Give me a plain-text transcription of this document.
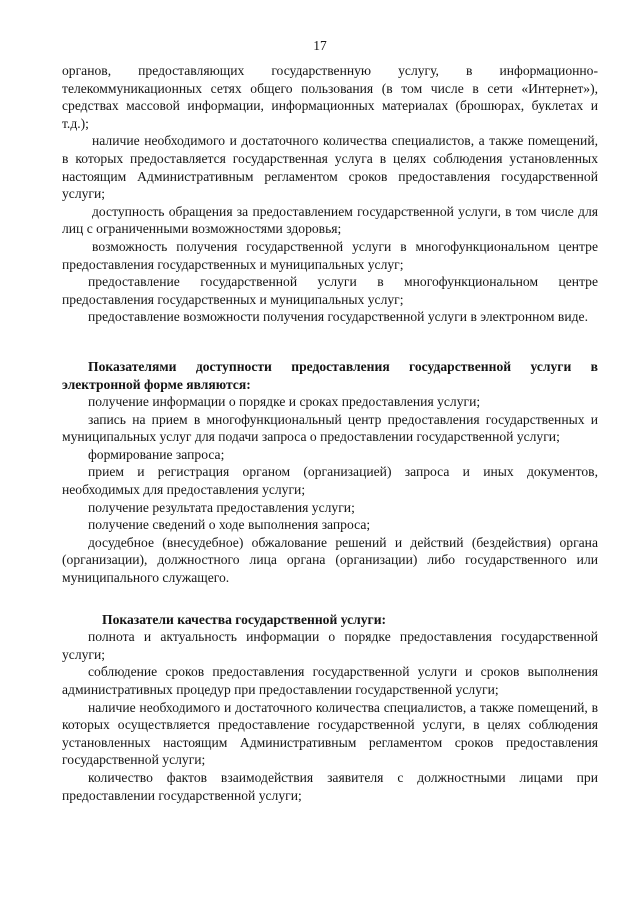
17

органов, предоставляющих государственную услугу, в информационно-телекоммуникационных сетях общего пользования (в том числе в сети «Интернет»), средствах массовой информации, информационных материалах (брошюрах, буклетах и т.д.);

наличие необходимого и достаточного количества специалистов, а также помещений, в которых предоставляется государственная услуга в целях соблюдения установленных настоящим Административным регламентом сроков предоставления государственной услуги;

доступность обращения за предоставлением государственной услуги, в том числе для лиц с ограниченными возможностями здоровья;

возможность получения государственной услуги в многофункциональном центре предоставления государственных и муниципальных услуг;

предоставление государственной услуги в многофункциональном центре предоставления государственных и муниципальных услуг;

предоставление возможности получения государственной услуги в электронном виде.

Показателями доступности предоставления государственной услуги в электронной форме являются:

получение информации о порядке и сроках предоставления услуги;

запись на прием в многофункциональный центр предоставления государственных и муниципальных услуг для подачи запроса о предоставлении государственной услуги;

формирование запроса;

прием и регистрация органом (организацией) запроса и иных документов, необходимых для предоставления услуги;

получение результата предоставления услуги;

получение сведений о ходе выполнения запроса;

досудебное (внесудебное) обжалование решений и действий (бездействия) органа (организации), должностного лица органа (организации) либо государственного или муниципального служащего.

Показатели качества государственной услуги:

полнота и актуальность информации о порядке предоставления государственной услуги;

соблюдение сроков предоставления государственной услуги и сроков выполнения административных процедур при предоставлении государственной услуги;

наличие необходимого и достаточного количества специалистов, а также помещений, в которых осуществляется предоставление государственной услуги, в целях соблюдения установленных настоящим Административным регламентом сроков предоставления государственной услуги;

количество фактов взаимодействия заявителя с должностными лицами при предоставлении государственной услуги;
